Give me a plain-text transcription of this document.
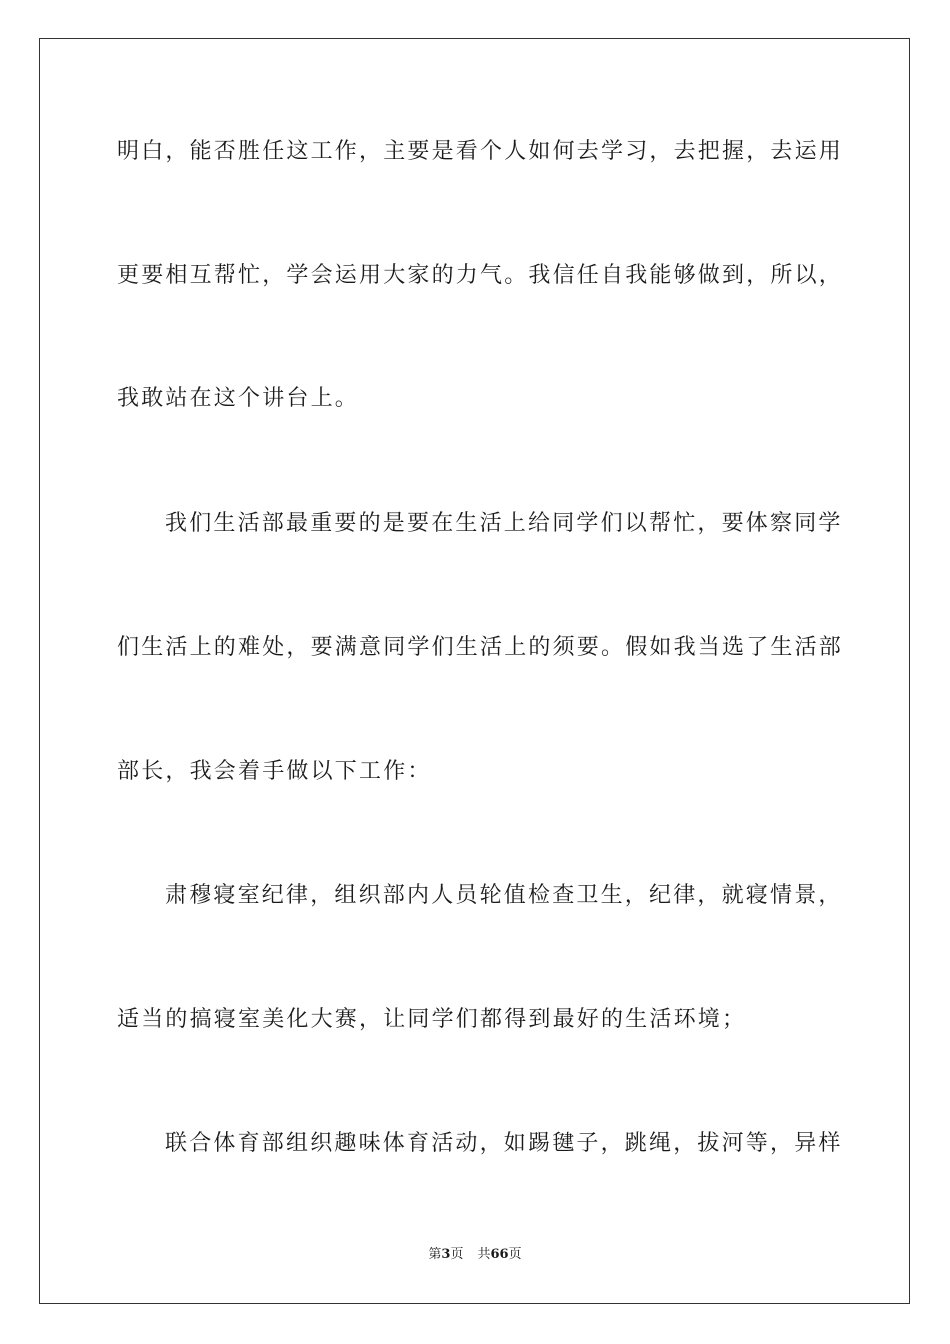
明白，能否胜任这工作，主要是看个人如何去学习，去把握，去运用
更要相互帮忙，学会运用大家的力气。我信任自我能够做到，所以，
我敢站在这个讲台上。
我们生活部最重要的是要在生活上给同学们以帮忙，要体察同学
们生活上的难处，要满意同学们生活上的须要。假如我当选了生活部
部长，我会着手做以下工作：
肃穆寝室纪律，组织部内人员轮值检查卫生，纪律，就寝情景，
适当的搞寝室美化大赛，让同学们都得到最好的生活环境；
联合体育部组织趣味体育活动，如踢毽子，跳绳，拔河等，异样
第3页 共66页
